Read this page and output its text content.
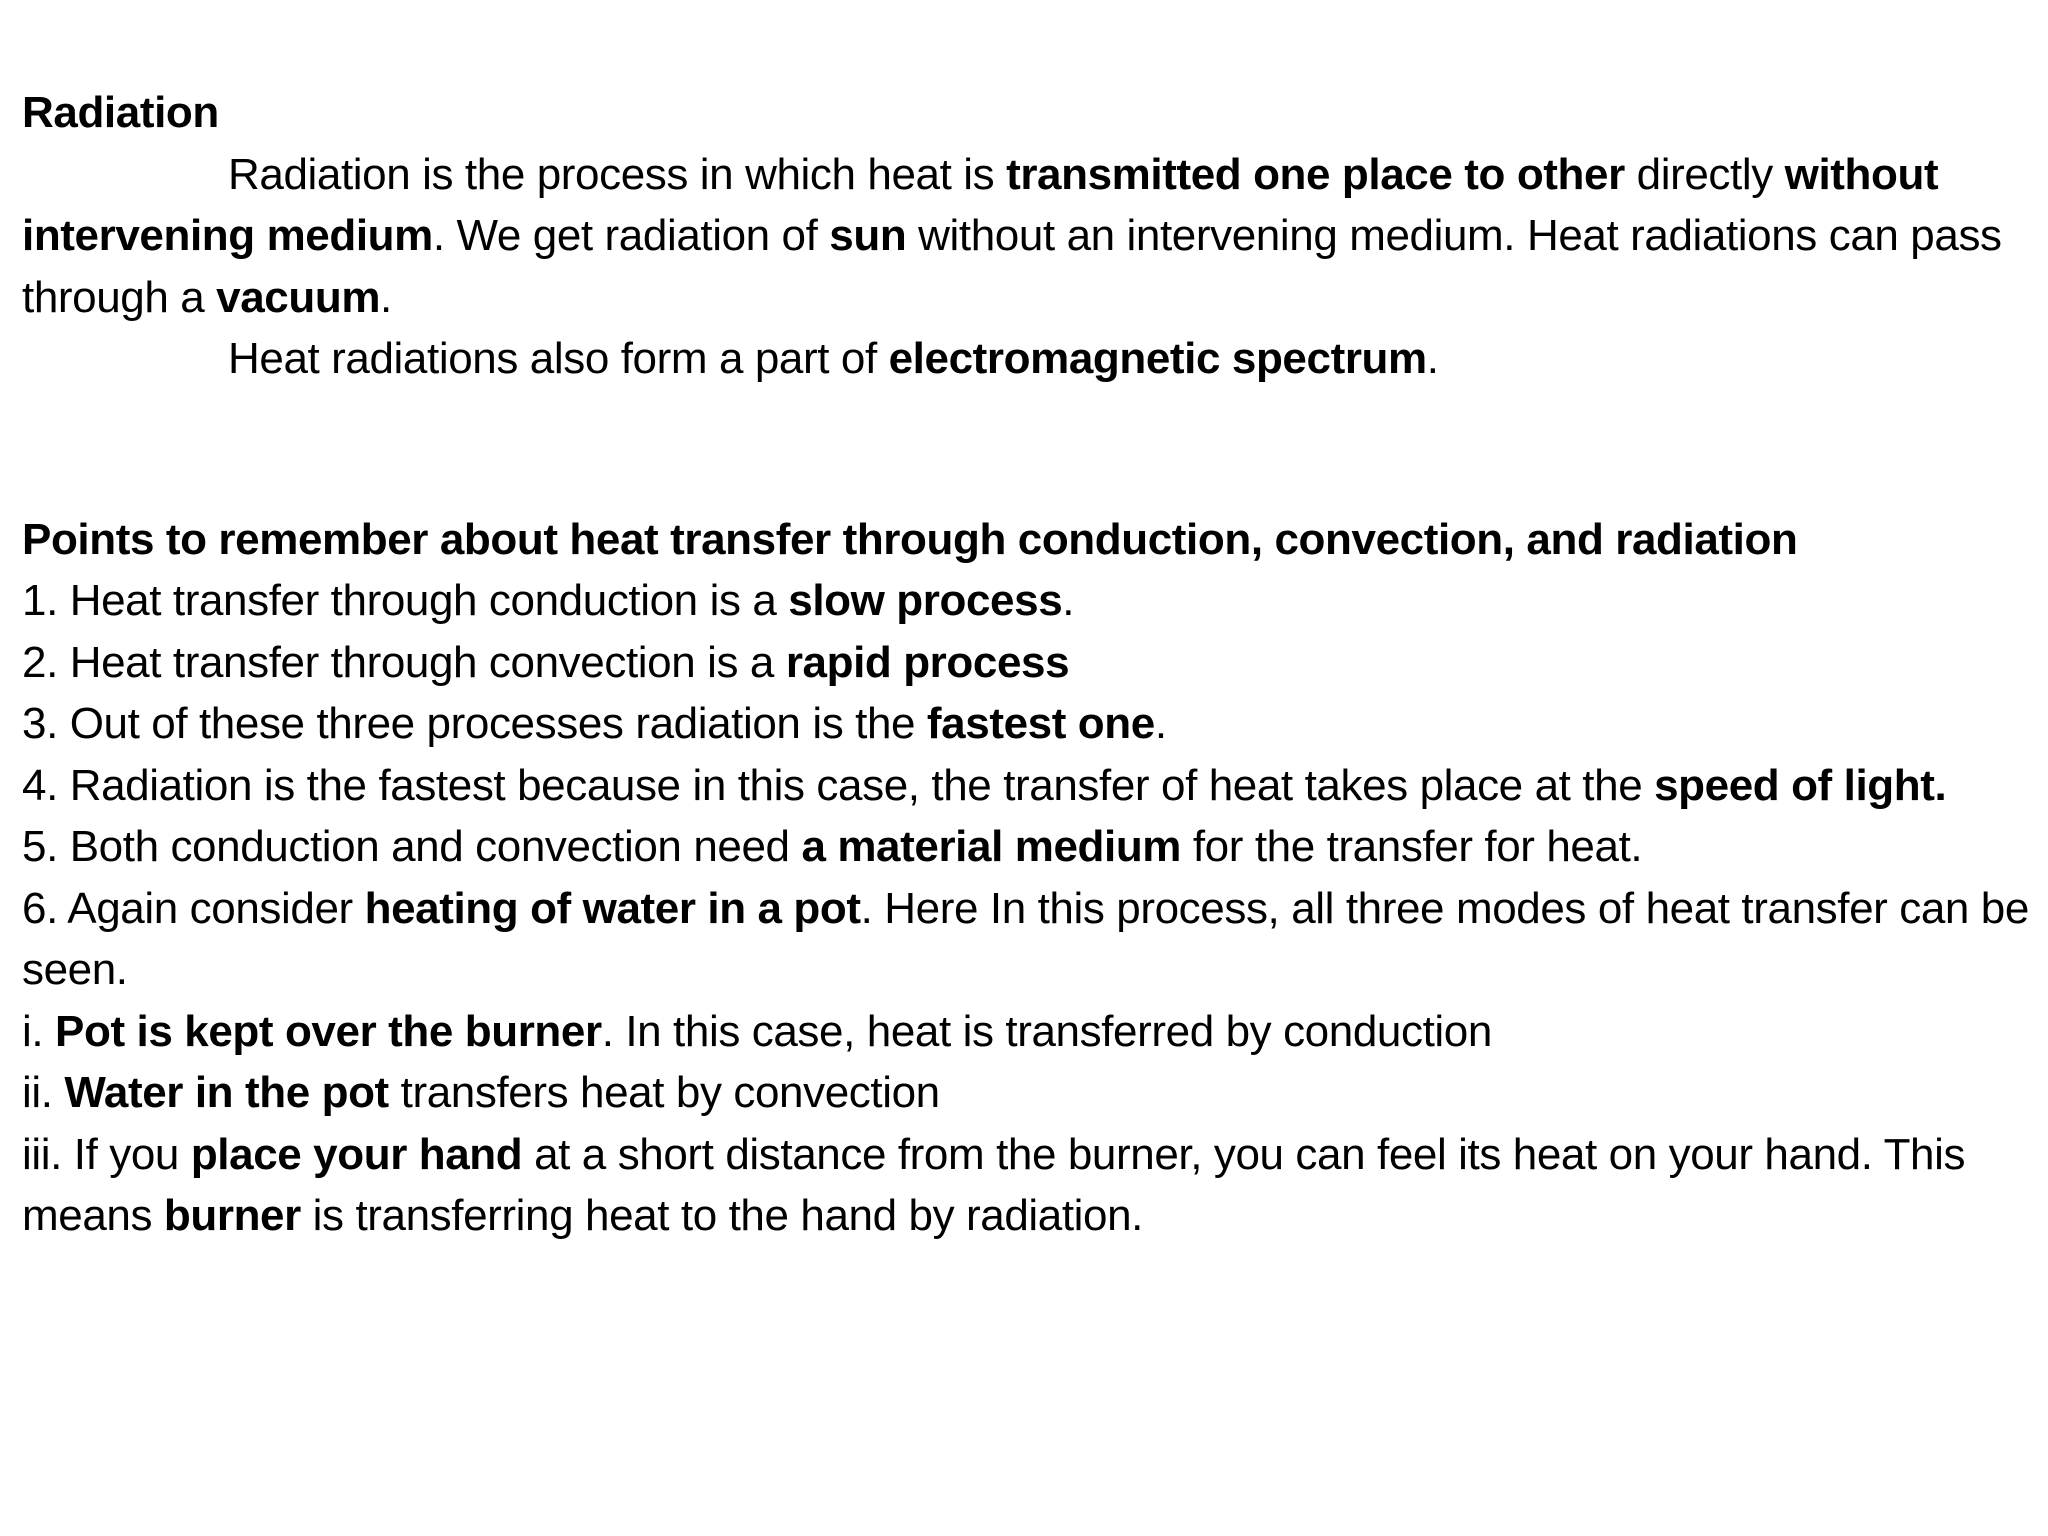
Radiation

Radiation is the process in which heat is transmitted one place to other directly without intervening medium. We get radiation of sun without an intervening medium. Heat radiations can pass through a vacuum.

Heat radiations also form a part of electromagnetic spectrum.

Points to remember about heat transfer through conduction, convection, and radiation

1. Heat transfer through conduction is a slow process.

2. Heat transfer through convection is a rapid process

3. Out of these three processes radiation is the fastest one.

4. Radiation is the fastest because in this case, the transfer of heat takes place at the speed of light.

5. Both conduction and convection need a material medium for the transfer for heat.

6. Again consider heating of water in a pot. Here In this process, all three modes of heat transfer can be seen.

i. Pot is kept over the burner. In this case, heat is transferred by conduction

ii. Water in the pot transfers heat by convection

iii. If you place your hand at a short distance from the burner, you can feel its heat on your hand. This means burner is transferring heat to the hand by radiation.
